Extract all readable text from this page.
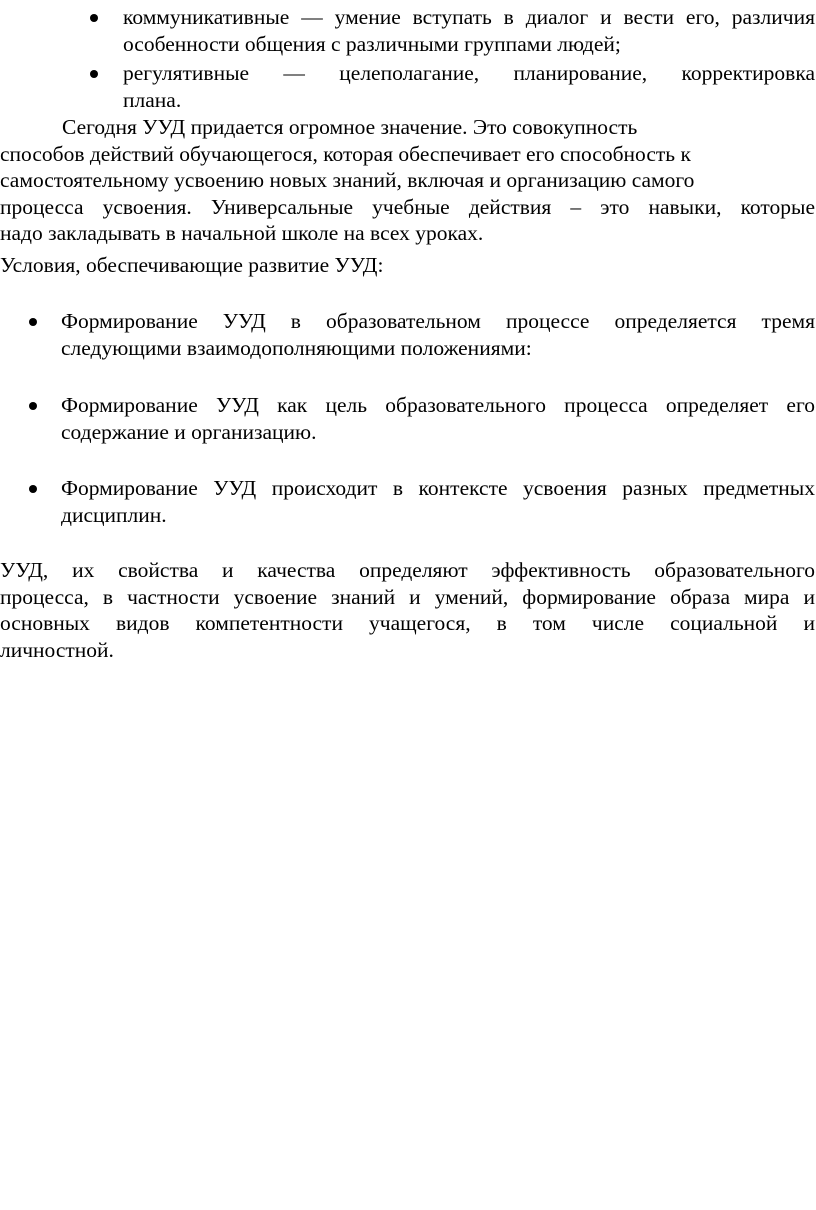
коммуникативные — умение вступать в диалог и вести его, различия
особенности общения с различными группами людей;
регулятивные — целеполагание, планирование, корректировка
плана.
Сегодня УУД придается огромное значение. Это совокупность
способов действий обучающегося, которая обеспечивает его способность к
самостоятельному усвоению новых знаний, включая и организацию самого
процесса усвоения. Универсальные учебные действия – это навыки, которые
надо закладывать в начальной школе на всех уроках.
Условия, обеспечивающие развитие УУД:
Формирование УУД в образовательном процессе определяется тремя
следующими взаимодополняющими положениями:
Формирование УУД как цель образовательного процесса определяет его
содержание и организацию.
Формирование УУД происходит в контексте усвоения разных предметных
дисциплин.
УУД, их свойства и качества определяют эффективность образовательного
процесса, в частности усвоение знаний и умений, формирование образа мира и
основных видов компетентности учащегося, в том числе социальной и
личностной.
